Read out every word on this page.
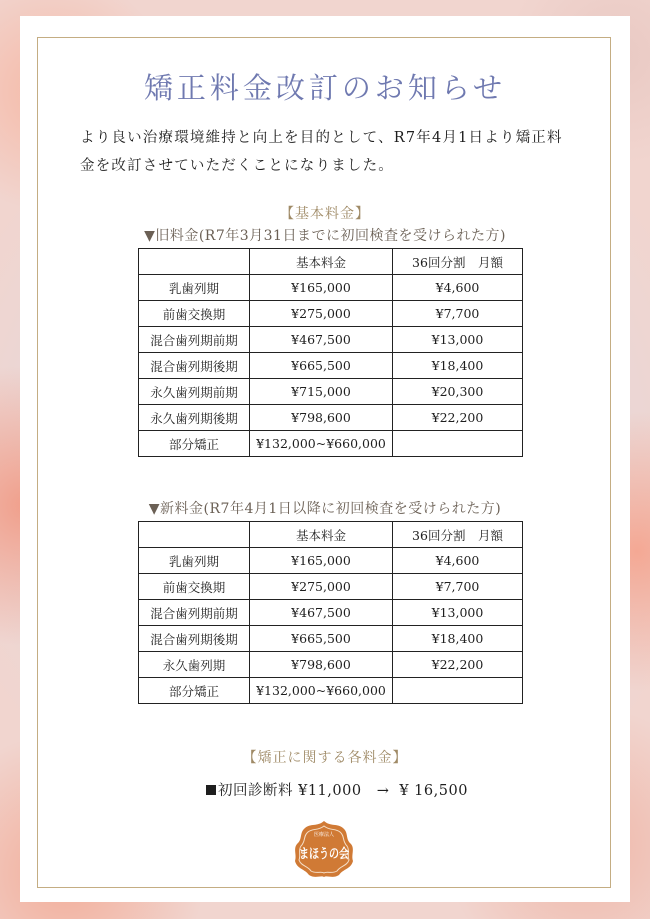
矯正料金改訂のお知らせ

より良い治療環境維持と向上を目的として、R7年4月1日より矯正料

金を改訂させていただくことになりました。

【基本料金】
▼旧料金(R7年3月31日までに初回検査を受けられた方)
	基本料金	36回分割　月額
乳歯列期	¥165,000	¥4,600
前歯交換期	¥275,000	¥7,700
混合歯列期前期	¥467,500	¥13,000
混合歯列期後期	¥665,500	¥18,400
永久歯列期前期	¥715,000	¥20,300
永久歯列期後期	¥798,600	¥22,200
部分矯正	¥132,000~¥660,000	
▼新料金(R7年4月1日以降に初回検査を受けられた方)
	基本料金	36回分割　月額
乳歯列期	¥165,000	¥4,600
前歯交換期	¥275,000	¥7,700
混合歯列期前期	¥467,500	¥13,000
混合歯列期後期	¥665,500	¥18,400
永久歯列期	¥798,600	¥22,200
部分矯正	¥132,000~¥660,000	
【矯正に関する各料金】
初回診断料 ¥11,000 → ¥ 16,500
医療法人
まほうの会
